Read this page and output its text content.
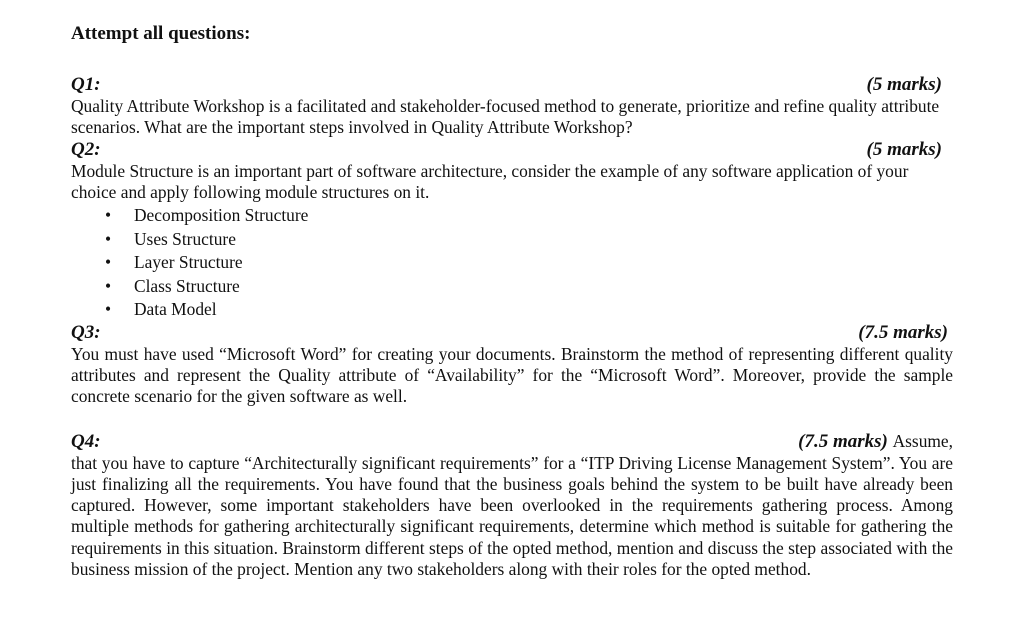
Attempt all questions:
Q1:	(5 marks)

Quality Attribute Workshop is a facilitated and stakeholder-focused method to generate, prioritize and refine quality attribute scenarios. What are the important steps involved in Quality Attribute Workshop?

Q2:	(5 marks)

Module Structure is an important part of software architecture, consider the example of any software application of your choice and apply following module structures on it.

• Decomposition Structure
• Uses Structure
• Layer Structure
• Class Structure
• Data Model
Q3:	(7.5 marks)

You must have used “Microsoft Word” for creating your documents. Brainstorm the method of representing different quality attributes and represent the Quality attribute of “Availability” for the “Microsoft Word”. Moreover, provide the sample concrete scenario for the given software as well.

Q4:	(7.5 marks) Assume,

that you have to capture “Architecturally significant requirements” for a “ITP Driving License Management System”. You are just finalizing all the requirements. You have found that the business goals behind the system to be built have already been captured. However, some important stakeholders have been overlooked in the requirements gathering process. Among multiple methods for gathering architecturally significant requirements, determine which method is suitable for gathering the requirements in this situation. Brainstorm different steps of the opted method, mention and discuss the step associated with the business mission of the project. Mention any two stakeholders along with their roles for the opted method.
